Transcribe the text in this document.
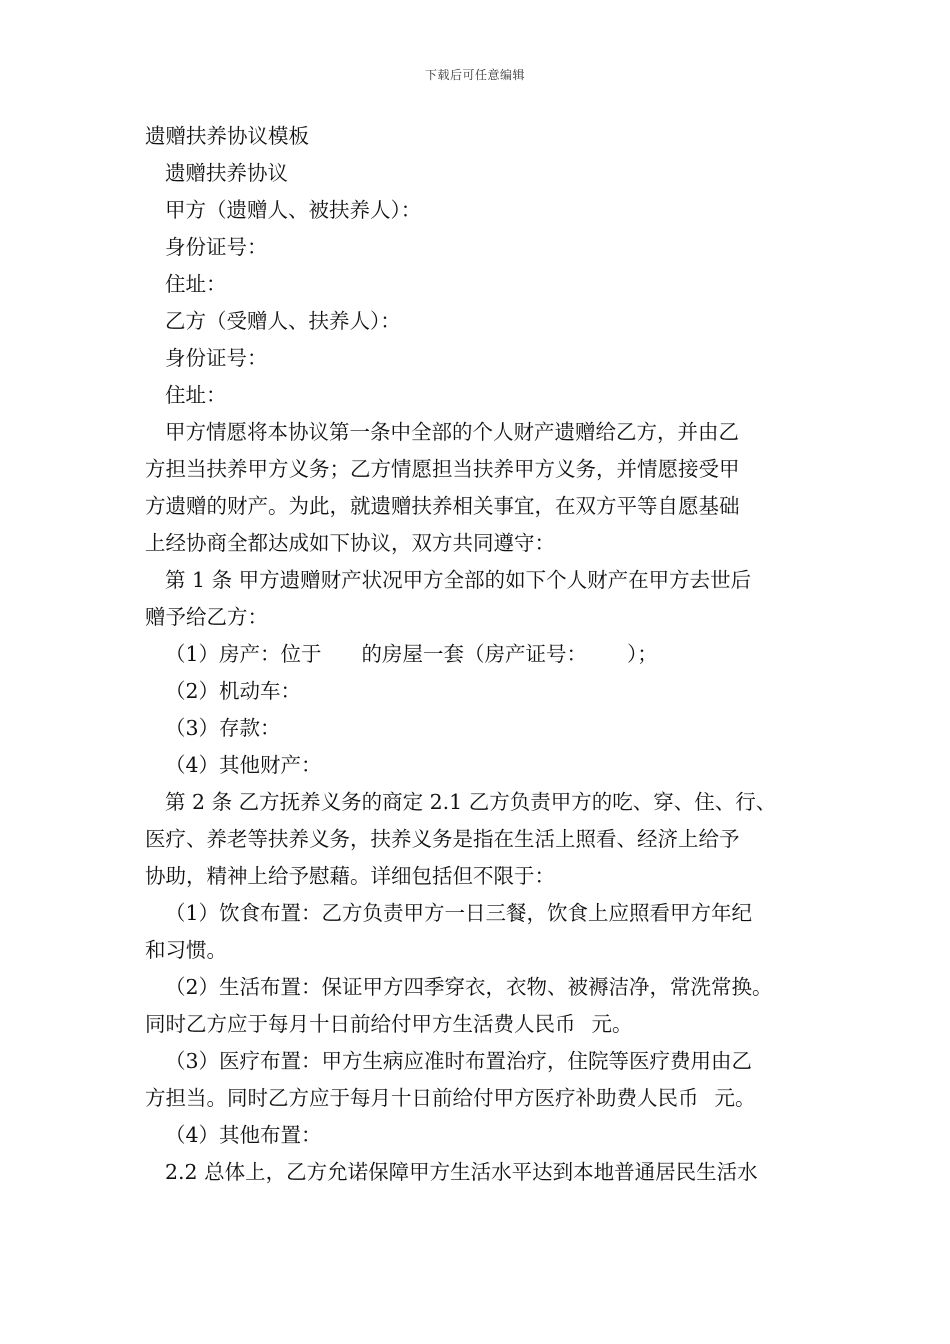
下载后可任意编辑
遗赠扶养协议模板
遗赠扶养协议
甲方（遗赠人、被扶养人）：
身份证号：
住址：
乙方（受赠人、扶养人）：
身份证号：
住址：
甲方情愿将本协议第一条中全部的个人财产遗赠给乙方，并由乙
方担当扶养甲方义务；乙方情愿担当扶养甲方义务，并情愿接受甲
方遗赠的财产。为此，就遗赠扶养相关事宜，在双方平等自愿基础
上经协商全都达成如下协议，双方共同遵守：
第 1 条 甲方遗赠财产状况甲方全部的如下个人财产在甲方去世后
赠予给乙方：
（1）房产：位于 的房屋一套（房产证号： ）；
（2）机动车：
（3）存款：
（4）其他财产：
第 2 条 乙方抚养义务的商定 2.1 乙方负责甲方的吃、穿、住、行、
医疗、养老等扶养义务，扶养义务是指在生活上照看、经济上给予
协助，精神上给予慰藉。详细包括但不限于：
（1）饮食布置：乙方负责甲方一日三餐，饮食上应照看甲方年纪
和习惯。
（2）生活布置：保证甲方四季穿衣，衣物、被褥洁净，常洗常换。
同时乙方应于每月十日前给付甲方生活费人民币 元。
（3）医疗布置：甲方生病应准时布置治疗，住院等医疗费用由乙
方担当。同时乙方应于每月十日前给付甲方医疗补助费人民币 元。
（4）其他布置：
2.2 总体上，乙方允诺保障甲方生活水平达到本地普通居民生活水
